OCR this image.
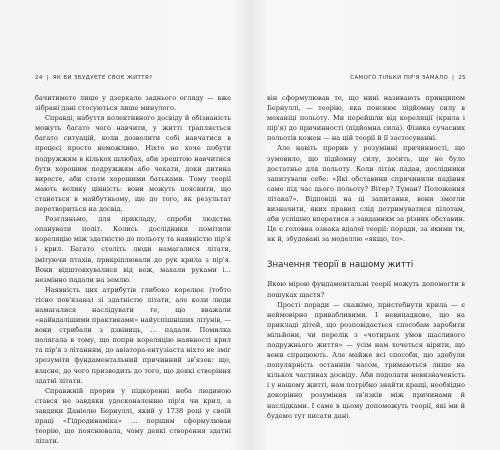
24 | ЯК ВИ ЗБУДУЄТЕ СВОЄ ЖИТТЯ?

бачитимете лише у дзеркало заднього огляду — вже зібрані дані стосуються лише минулого.

Справді, набуття колективного досвіду й обізнаність можуть багато чого навчити, у житті трапляється багато ситуацій, коли дозволити собі навчатися в процесі просто неможливо. Ніхто не хоче побути подружжям в кількох шлюбах, аби зрештою навчитися бути хорошим подружжям або чекати, доки дитина виросте, аби стати хорошими батьками. Тому теорії мають велику цінність: вони можуть пояснити, що станеться в майбутньому, ще до того, як результат перетвориться на досвід.

Розгляньмо, для прикладу, спроби людства опанувати політ. Колись дослідники помітили кореляцію між здатністю до польоту та наявністю пір'я і крил. Багато століть люди намагалися літати, імітуючи птахів, прикріплювали до рук крила з пір'я. Вони відштовхувалися від веж, махали руками і... незмінно падали на землю.

Наявність цих атрибутів глибоко корелює (тобто тісно пов'язана) зі здатністю літати, але коли люди намагалися наслідувати те, що вважали «найвдалішими практиками» найуспішніших літунів, — вони стрибали з дзвіниць, … падали. Помилка полягала в тому, що попри кореляцію наявності крил та пір'я з літанням, до авіатора-ентузіаста ніхто не зміг зрозуміти фундаментальний причинний зв'язок: що, власне, до чого призводить до того, що деякі створіння здатні літати.

Справжній прорив у підкоренні неба людиною стався не завдяки удосконаленню пір'я чи крил, а завдяки Даніелю Бернуллі, який у 1738 році у своїй праці «Гідродинаміка» … першим сформулював теорію, що пояснювала, чому деякі створення здатні літати.

САМОГО ТІЛЬКИ ПІР'Я ЗАМАЛО | 25

він сформулював те, що нині називають принципом Бернуллі, — теорію, яка пояснює підйомну силу в механіці польоту. Ми перейшли від кореляції (крила і пір'я) до причинності (підйомна сила). Фізика сучасних польотів кожен — на цій теорії й її застосуванні.

Але навіть прорив у розумінні причинності, що зумовило, що підйомну силу, досить, ще не було достатньо для польоту. Коли літак падав, дослідники запитували себе: «Які обставини спричинили падіння саме під час цього польоту? Вітер? Туман? Положення літака?». Відповіді на ці запитання, вони змогли визначити, яких правил слід дотримуватися пілотам, аби успішно впоратися з завданням за різних обставин. Це є головна ознака вдалої теорії: поради, за якими ти, як й, збудовані за моделлю «якщо, то».

Значення теорії в нашому житті

Якою мірою фундаментальні теорії можуть допомогти в пошуках щастя?

Прості поради — скажімо, пристебнути крила — є неймовірно привабливими. І невипадково, що на прикладі дітей, що розповідається способам заробити мільйони, чи перелік з «чотирьох умов щасливого подружнього життя» — усім нам хочеться вірити, що вони спрацюють. Але майже всі способи, що здобули популярність останнім часом, тримаються лише на кількох частинах досвіду. Аби подолати невизначеність і у нашому житті, нам потрібно знайти кращі, необхідно докорінно розуміння зв'язків між причинами й наслідками. І саме в цьому допоможуть теорії, які ми й будемо тут писати дані.
